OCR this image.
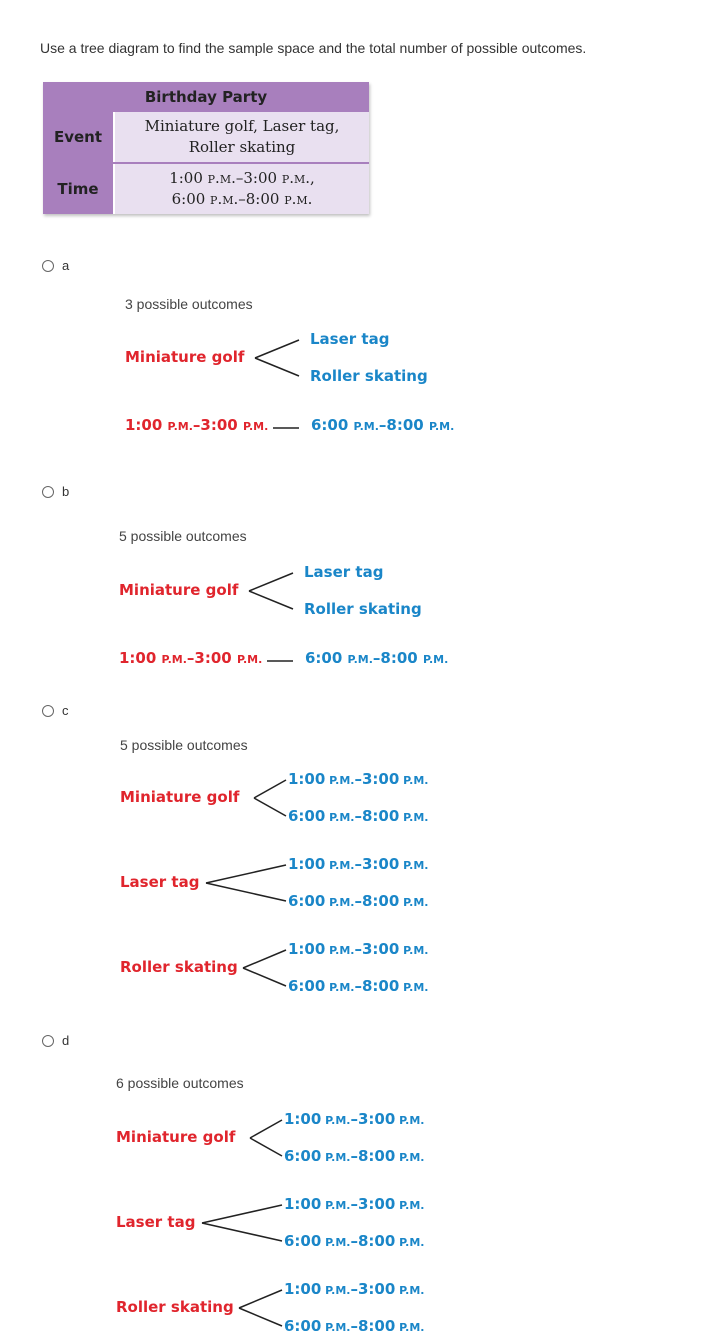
Use a tree diagram to find the sample space and the total number of possible outcomes.
Birthday Party	
Event	Miniature golf, Laser tag,
Roller skating
Time	1:00 p.m.–3:00 p.m.,
6:00 p.m.–8:00 p.m.
a
3 possible outcomes
Miniature golf
Laser tag
Roller skating
1:00 P.M.–3:00 P.M.	6:00 P.M.–8:00 P.M.
b
5 possible outcomes
Miniature golf
Laser tag
Roller skating
1:00 P.M.–3:00 P.M.	6:00 P.M.–8:00 P.M.
c
5 possible outcomes
Miniature golf
1:00 P.M.–3:00 P.M.
6:00 P.M.–8:00 P.M.
Laser tag
1:00 P.M.–3:00 P.M.
6:00 P.M.–8:00 P.M.
Roller skating
1:00 P.M.–3:00 P.M.
6:00 P.M.–8:00 P.M.
d
6 possible outcomes
Miniature golf
1:00 P.M.–3:00 P.M.
6:00 P.M.–8:00 P.M.
Laser tag
1:00 P.M.–3:00 P.M.
6:00 P.M.–8:00 P.M.
Roller skating
1:00 P.M.–3:00 P.M.
6:00 P.M.–8:00 P.M.
